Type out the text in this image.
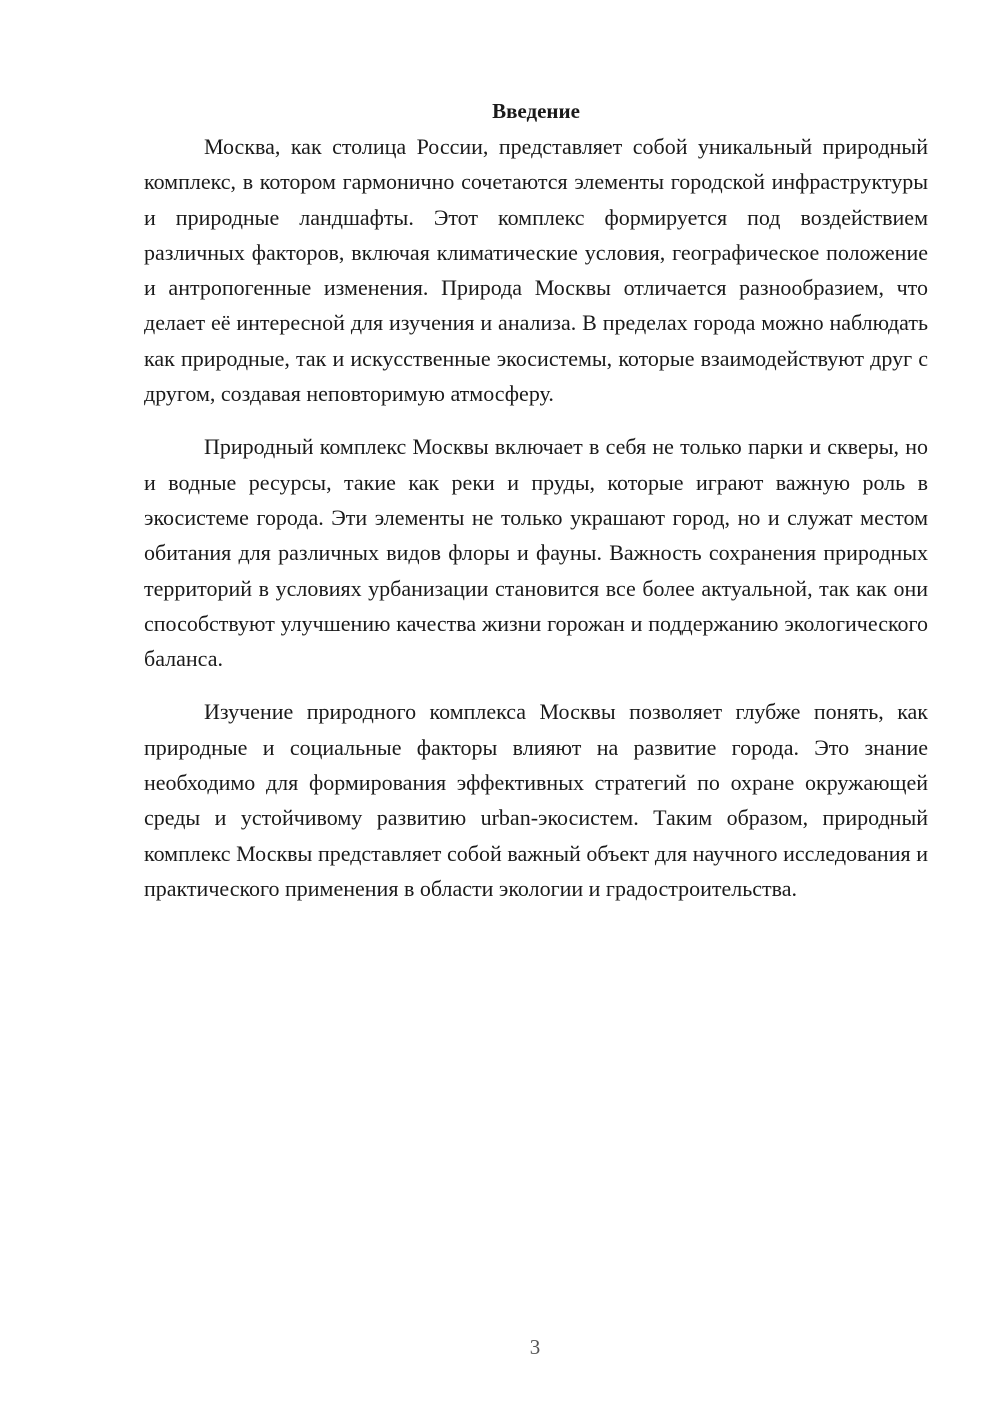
Введение

Москва, как столица России, представляет собой уникальный природный комплекс, в котором гармонично сочетаются элементы городской инфраструктуры и природные ландшафты. Этот комплекс формируется под воздействием различных факторов, включая климатические условия, географическое положение и антропогенные изменения. Природа Москвы отличается разнообразием, что делает её интересной для изучения и анализа. В пределах города можно наблюдать как природные, так и искусственные экосистемы, которые взаимодействуют друг с другом, создавая неповторимую атмосферу.

Природный комплекс Москвы включает в себя не только парки и скверы, но и водные ресурсы, такие как реки и пруды, которые играют важную роль в экосистеме города. Эти элементы не только украшают город, но и служат местом обитания для различных видов флоры и фауны. Важность сохранения природных территорий в условиях урбанизации становится все более актуальной, так как они способствуют улучшению качества жизни горожан и поддержанию экологического баланса.

Изучение природного комплекса Москвы позволяет глубже понять, как природные и социальные факторы влияют на развитие города. Это знание необходимо для формирования эффективных стратегий по охране окружающей среды и устойчивому развитию urban-экосистем. Таким образом, природный комплекс Москвы представляет собой важный объект для научного исследования и практического применения в области экологии и градостроительства.

3
